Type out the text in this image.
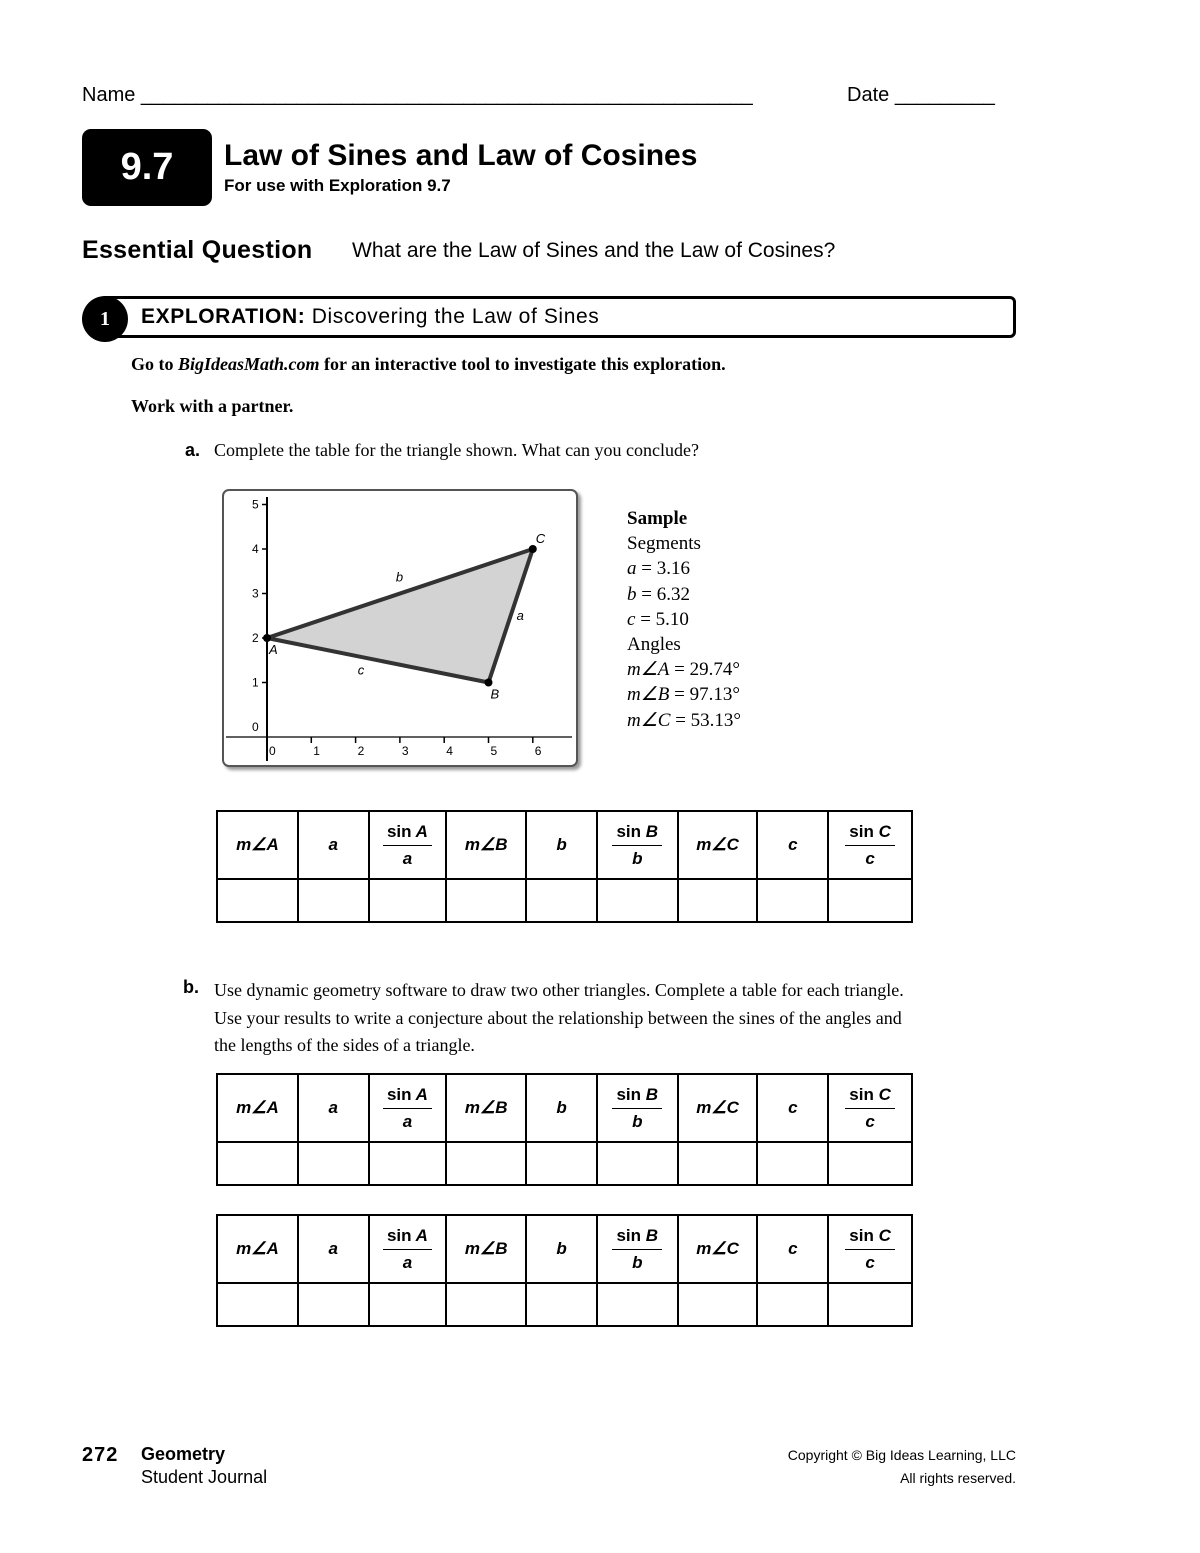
Name _______________________________________________________	Date _________
9.7 Law of Sines and Law of Cosines
For use with Exploration 9.7
Essential Question What are the Law of Sines and the Law of Cosines?
1 EXPLORATION: Discovering the Law of Sines
Go to BigIdeasMath.com for an interactive tool to investigate this exploration.
Work with a partner.
a. Complete the table for the triangle shown. What can you conclude?
0
1
2
3
4
5
0	1	2	3	4	5	6
A
B
C
a
b
c
Sample
Segments
a = 3.16
b = 6.32
c = 5.10
Angles
m∠A = 29.74°
m∠B = 97.13°
m∠C = 53.13°
m∠A	a	$\frac{\text{sin A}}{a}$	m∠B	b	$\frac{\text{sin B}}{b}$	m∠C	c	$\frac{\text{sin C}}{c}$

b. Use dynamic geometry software to draw two other triangles. Complete a table for each triangle. Use your results to write a conjecture about the relationship between the sines of the angles and the lengths of the sides of a triangle.
m∠A	a	$\frac{\text{sin A}}{a}$	m∠B	b	$\frac{\text{sin B}}{b}$	m∠C	c	$\frac{\text{sin C}}{c}$

m∠A	a	$\frac{\text{sin A}}{a}$	m∠B	b	$\frac{\text{sin B}}{b}$	m∠C	c	$\frac{\text{sin C}}{c}$

272 Geometry
Student Journal
Copyright © Big Ideas Learning, LLC
All rights reserved.
